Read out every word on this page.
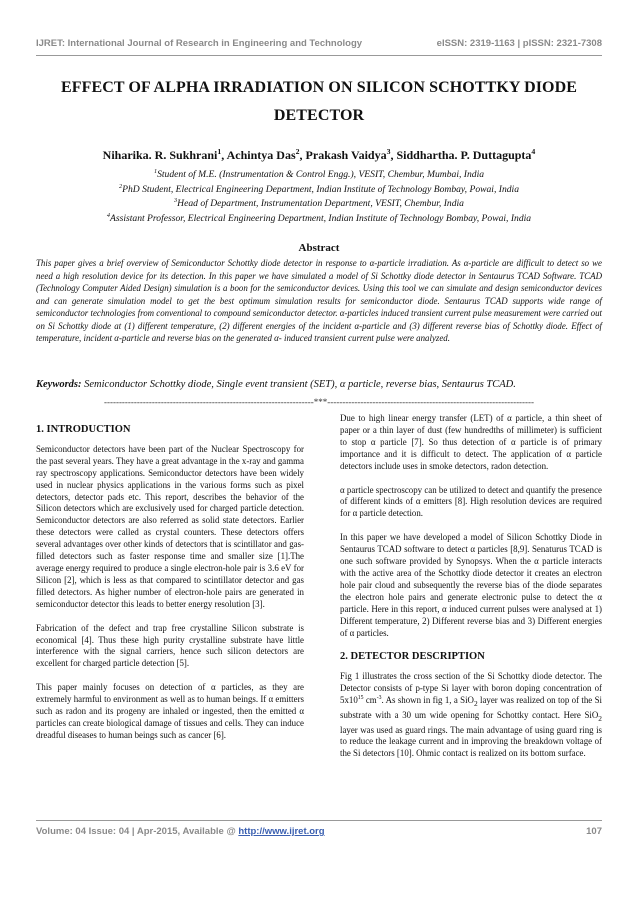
IJRET: International Journal of Research in Engineering and Technology	eISSN: 2319-1163 | pISSN: 2321-7308
EFFECT OF ALPHA IRRADIATION ON SILICON SCHOTTKY DIODE DETECTOR
Niharika. R. Sukhrani$^1$, Achintya Das$^2$, Prakash Vaidya$^3$, Siddhartha. P. Duttagupta$^4$
$^1$Student of M.E. (Instrumentation & Control Engg.), VESIT, Chembur, Mumbai, India
$^2$PhD Student, Electrical Engineering Department, Indian Institute of Technology Bombay, Powai, India
$^3$Head of Department, Instrumentation Department, VESIT, Chembur, India
$^4$Assistant Professor, Electrical Engineering Department, Indian Institute of Technology Bombay, Powai, India
Abstract
This paper gives a brief overview of Semiconductor Schottky diode detector in response to α-particle irradiation. As α-particle are difficult to detect so we need a high resolution device for its detection. In this paper we have simulated a model of Si Schottky diode detector in Sentaurus TCAD Software. TCAD (Technology Computer Aided Design) simulation is a boon for the semiconductor devices. Using this tool we can simulate and design semiconductor devices and can generate simulation model to get the best optimum simulation results for semiconductor diode. Sentaurus TCAD supports wide range of semiconductor technologies from conventional to compound semiconductor detector. α-particles induced transient current pulse measurement were carried out on Si Schottky diode at (1) different temperature, (2) different energies of the incident α-particle and (3) different reverse bias of Schottky diode. Effect of temperature, incident α-particle and reverse bias on the generated α- induced transient current pulse were analyzed.
Keywords: Semiconductor Schottky diode, Single event transient (SET), α particle, reverse bias, Sentaurus TCAD.
----------------------------------------------------------------------***---------------------------------------------------------------------
1. INTRODUCTION

Semiconductor detectors have been part of the Nuclear Spectroscopy for the past several years. They have a great advantage in the x-ray and gamma ray spectroscopy applications. Semiconductor detectors have been widely used in nuclear physics applications in the various forms such as pixel detectors, detector pads etc. This report, describes the behavior of the Silicon detectors which are exclusively used for charged particle detection. Semiconductor detectors are also referred as solid state detectors. Earlier these detectors were called as crystal counters. These detectors offers several advantages over other kinds of detectors that is scintillator and gas-filled detectors such as faster response time and smaller size [1].The average energy required to produce a single electron-hole pair is 3.6 eV for Silicon [2], which is less as that compared to scintillator detector and gas filled detectors. As higher number of electron-hole pairs are generated in semiconductor detector this leads to better energy resolution [3].

Fabrication of the defect and trap free crystalline Silicon substrate is economical [4]. Thus these high purity crystalline substrate have little interference with the signal carriers, hence such silicon detectors are excellent for charged particle detection [5].

This paper mainly focuses on detection of α particles, as they are extremely harmful to environment as well as to human beings. If α emitters such as radon and its progeny are inhaled or ingested, then the emitted α particles can create biological damage of tissues and cells. They can induce dreadful diseases to human beings such as cancer [6].

Due to high linear energy transfer (LET) of α particle, a thin sheet of paper or a thin layer of dust (few hundredths of millimeter) is sufficient to stop α particle [7]. So thus detection of α particle is of primary importance and it is difficult to detect. The application of α particle detectors include uses in smoke detectors, radon detection.

α particle spectroscopy can be utilized to detect and quantify the presence of different kinds of α emitters [8]. High resolution devices are required for α particle detection.

In this paper we have developed a model of Silicon Schottky Diode in Sentaurus TCAD software to detect α particles [8,9]. Senaturus TCAD is one such software provided by Synopsys. When the α particle interacts with the active area of the Schottky diode detector it creates an electron hole pair cloud and subsequently the reverse bias of the diode separates the electron hole pairs and generate electronic pulse to detect the α particle. Here in this report, α induced current pulses were analysed at 1) Different temperature, 2) Different reverse bias and 3) Different energies of α particles.

2. DETECTOR DESCRIPTION

Fig 1 illustrates the cross section of the Si Schottky diode detector. The Detector consists of p-type Si layer with boron doping concentration of $5x10^{15}$ $cm^{-3}$. As shown in fig 1, a SiO$_2$ layer was realized on top of the Si substrate with a 30 um wide opening for Schottky contact. Here SiO$_2$ layer was used as guard rings. The main advantage of using guard ring is to reduce the leakage current and in improving the breakdown voltage of the Si detectors [10]. Ohmic contact is realized on its bottom surface.

Volume: 04 Issue: 04 | Apr-2015, Available @ http://www.ijret.org	107
